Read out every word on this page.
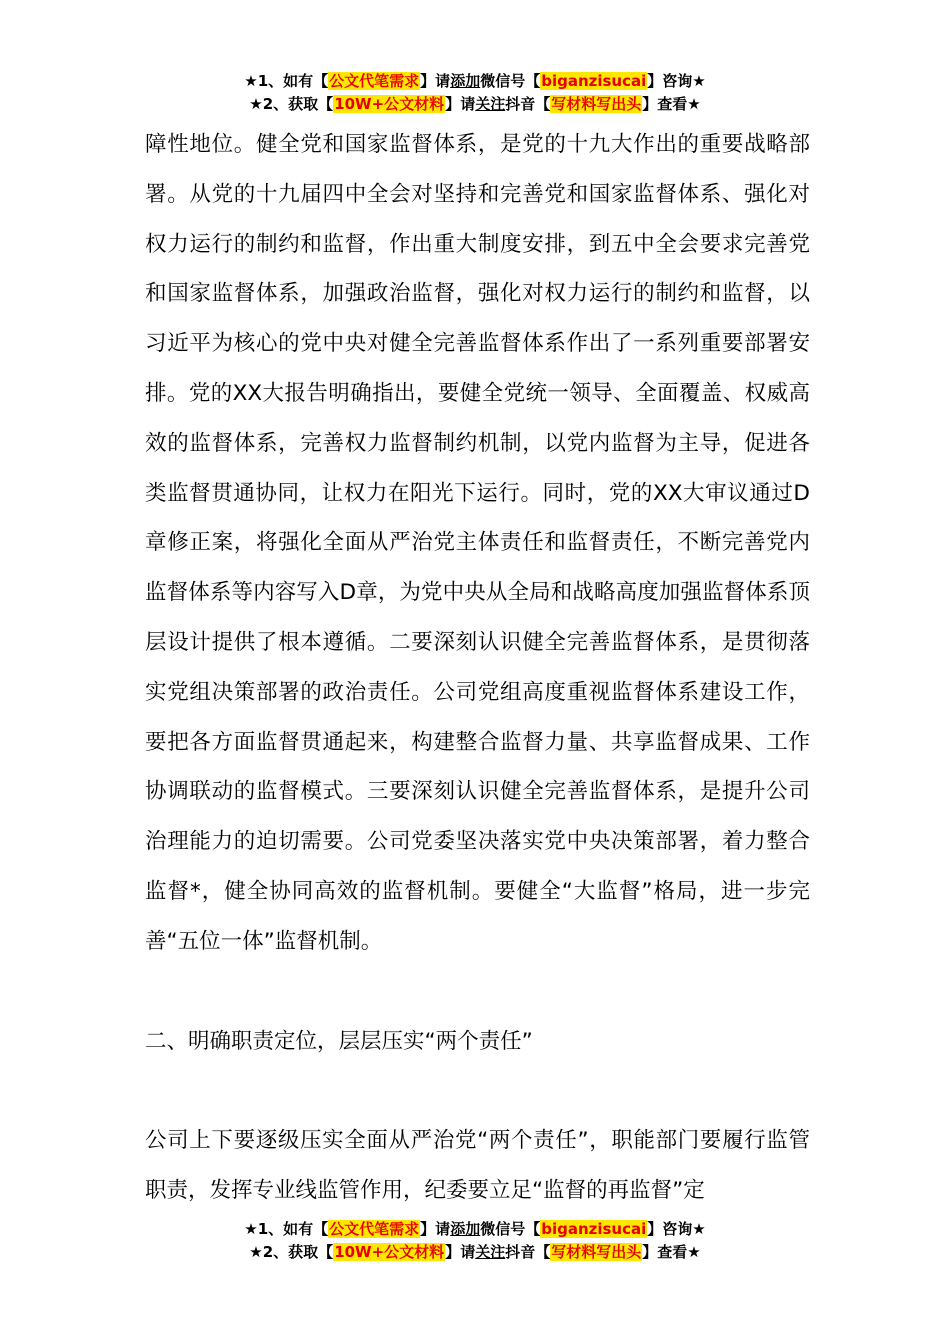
★1、如有【公文代笔需求】请添加微信号【biganzisucai】咨询★
★2、获取【10W+公文材料】请关注抖音【写材料写出头】查看★

障性地位。健全党和国家监督体系，是党的十九大作出的重要战略部署。从党的十九届四中全会对坚持和完善党和国家监督体系、强化对权力运行的制约和监督，作出重大制度安排，到五中全会要求完善党和国家监督体系，加强政治监督，强化对权力运行的制约和监督，以习近平为核心的党中央对健全完善监督体系作出了一系列重要部署安排。党的XX大报告明确指出，要健全党统一领导、全面覆盖、权威高效的监督体系，完善权力监督制约机制，以党内监督为主导，促进各类监督贯通协同，让权力在阳光下运行。同时，党的XX大审议通过D章修正案，将强化全面从严治党主体责任和监督责任，不断完善党内监督体系等内容写入D章，为党中央从全局和战略高度加强监督体系顶层设计提供了根本遵循。二要深刻认识健全完善监督体系，是贯彻落实党组决策部署的政治责任。公司党组高度重视监督体系建设工作，要把各方面监督贯通起来，构建整合监督力量、共享监督成果、工作协调联动的监督模式。三要深刻认识健全完善监督体系，是提升公司治理能力的迫切需要。公司党委坚决落实党中央决策部署，着力整合监督*，健全协同高效的监督机制。要健全“大监督”格局，进一步完善“五位一体”监督机制。

二、明确职责定位，层层压实“两个责任”

公司上下要逐级压实全面从严治党“两个责任”，职能部门要履行监管职责，发挥专业线监管作用，纪委要立足“监督的再监督”定

★1、如有【公文代笔需求】请添加微信号【biganzisucai】咨询★
★2、获取【10W+公文材料】请关注抖音【写材料写出头】查看★
